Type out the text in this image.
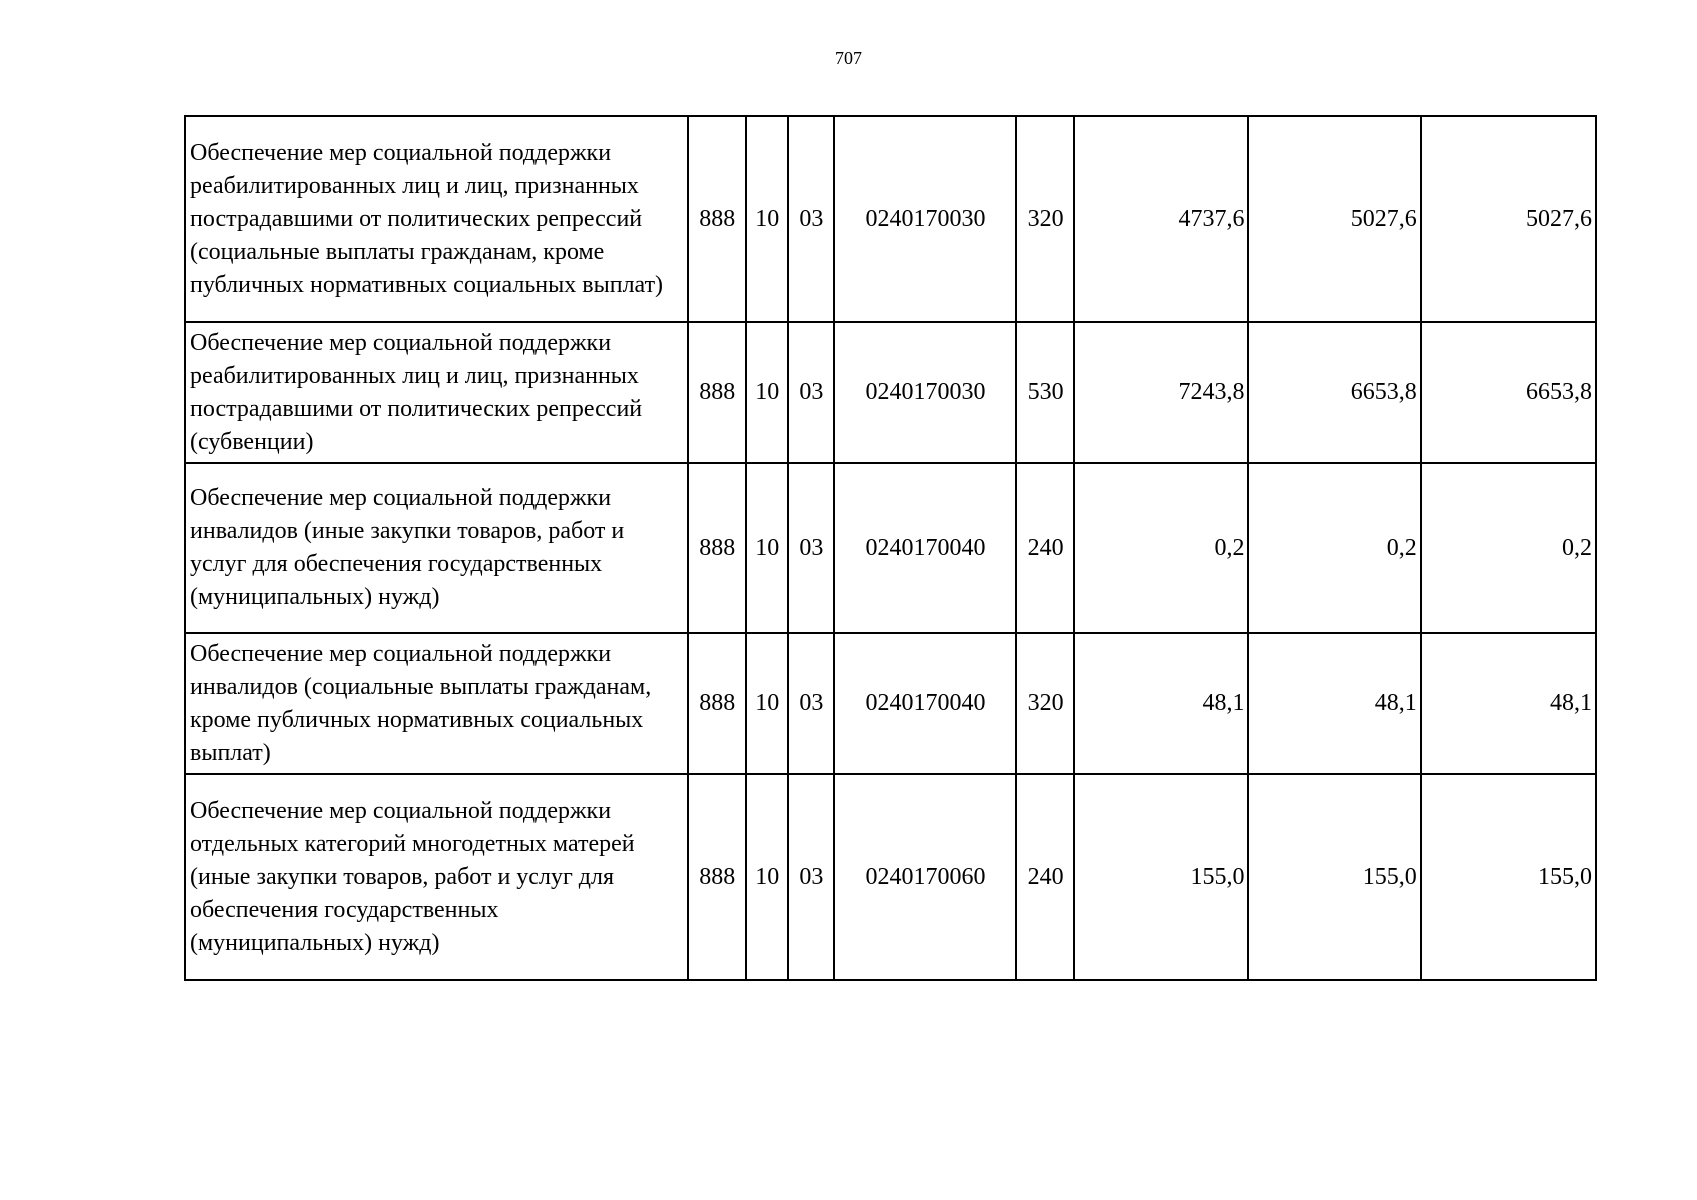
707
Обеспечение мер социальной поддержки реабилитированных лиц и лиц, признанных пострадавшими от политических репрессий (социальные выплаты гражданам, кроме публичных нормативных социальных выплат)	888	10	03	0240170030	320	4737,6	5027,6	5027,6
Обеспечение мер социальной поддержки реабилитированных лиц и лиц, признанных пострадавшими от политических репрессий (субвенции)	888	10	03	0240170030	530	7243,8	6653,8	6653,8
Обеспечение мер социальной поддержки инвалидов (иные закупки товаров, работ и услуг для обеспечения государственных (муниципальных) нужд)	888	10	03	0240170040	240	0,2	0,2	0,2
Обеспечение мер социальной поддержки инвалидов (социальные выплаты гражданам, кроме публичных нормативных социальных выплат)	888	10	03	0240170040	320	48,1	48,1	48,1
Обеспечение мер социальной поддержки отдельных категорий многодетных матерей (иные закупки товаров, работ и услуг для обеспечения государственных (муниципальных) нужд)	888	10	03	0240170060	240	155,0	155,0	155,0
